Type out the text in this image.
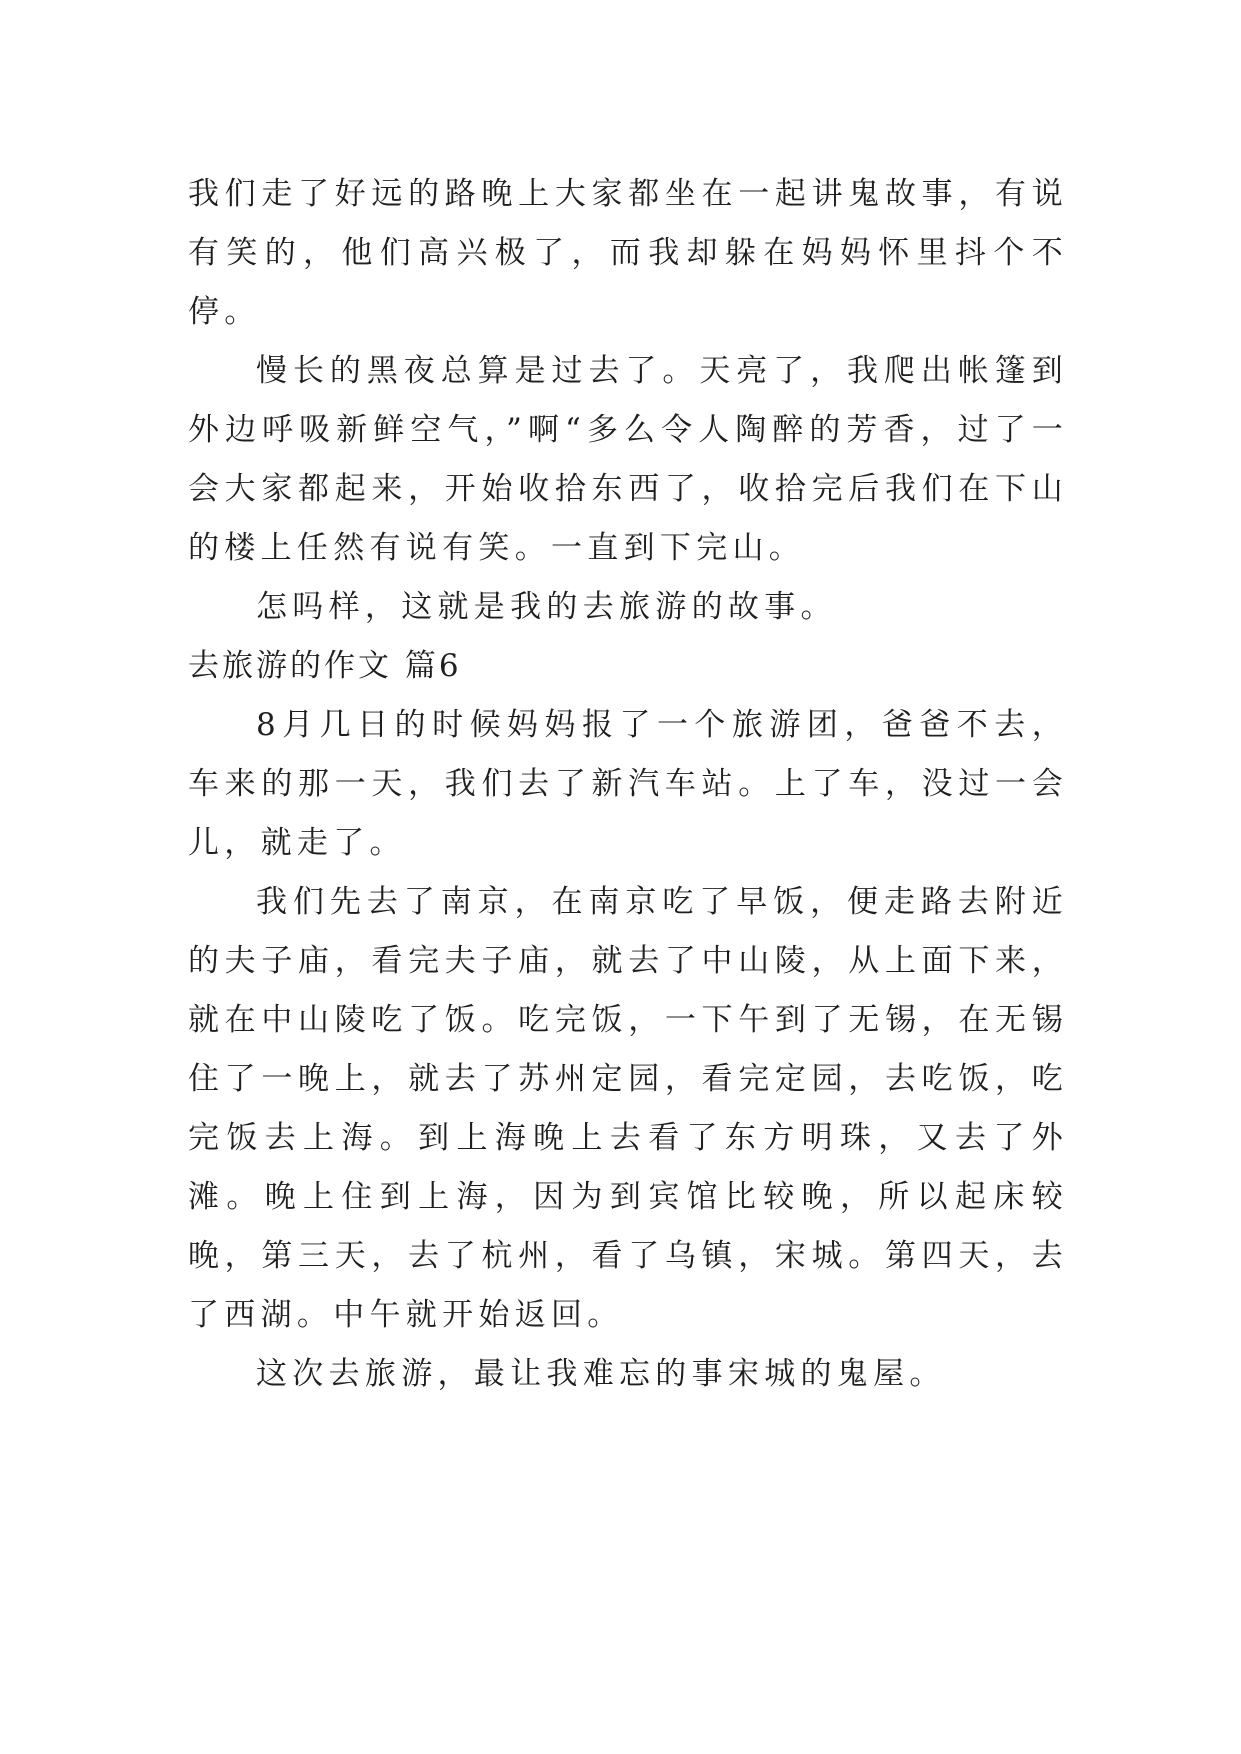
我们走了好远的路晚上大家都坐在一起讲鬼故事，有说有笑的，他们高兴极了，而我却躲在妈妈怀里抖个不停。

慢长的黑夜总算是过去了。天亮了，我爬出帐篷到外边呼吸新鲜空气，”啊“多么令人陶醉的芳香，过了一会大家都起来，开始收拾东西了，收拾完后我们在下山的楼上任然有说有笑。一直到下完山。

怎吗样，这就是我的去旅游的故事。

去旅游的作文 篇6

8月几日的时候妈妈报了一个旅游团，爸爸不去，车来的那一天，我们去了新汽车站。上了车，没过一会儿，就走了。

我们先去了南京，在南京吃了早饭，便走路去附近的夫子庙，看完夫子庙，就去了中山陵，从上面下来，就在中山陵吃了饭。吃完饭，一下午到了无锡，在无锡住了一晚上，就去了苏州定园，看完定园，去吃饭，吃完饭去上海。到上海晚上去看了东方明珠，又去了外滩。晚上住到上海，因为到宾馆比较晚，所以起床较晚，第三天，去了杭州，看了乌镇，宋城。第四天，去了西湖。中午就开始返回。

这次去旅游，最让我难忘的事宋城的鬼屋。
